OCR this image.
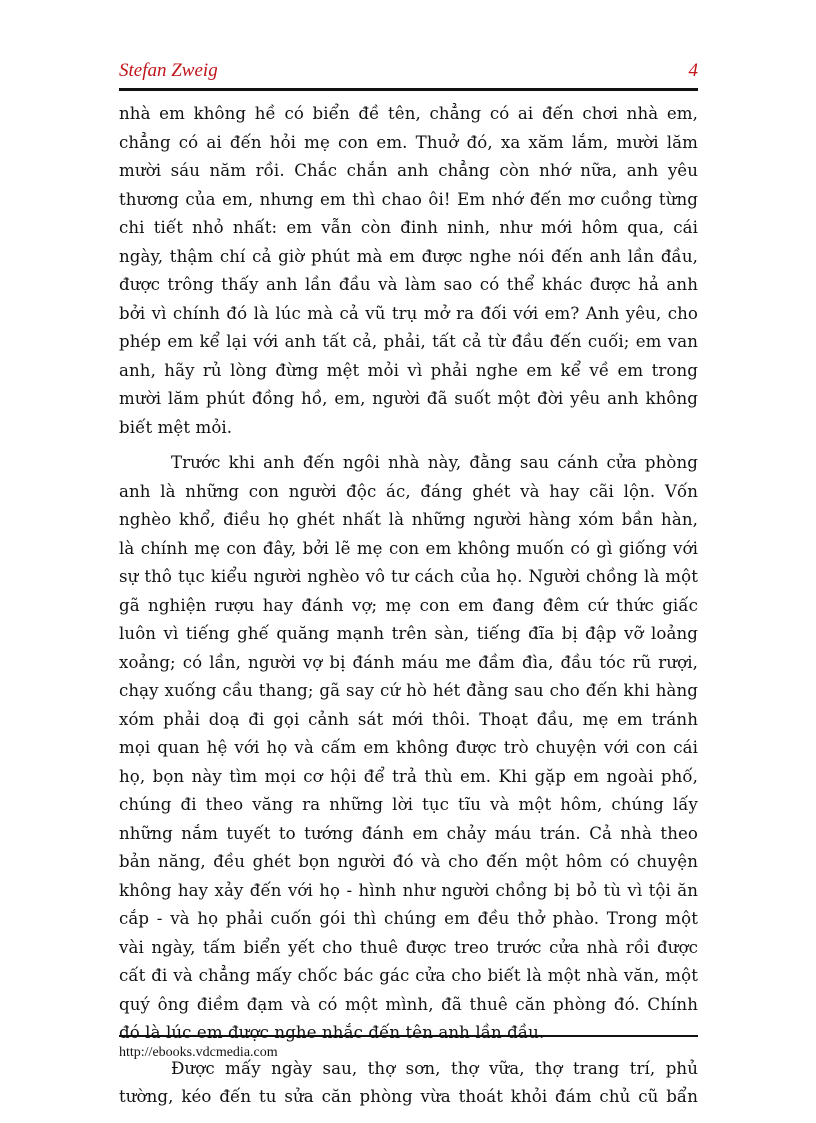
Stefan Zweig	4
nhà em không hề có biển đề tên, chẳng có ai đến chơi nhà em,
chẳng có ai đến hỏi mẹ con em. Thuở đó, xa xăm lắm, mười lăm
mười sáu năm rồi. Chắc chắn anh chẳng còn nhớ nữa, anh yêu
thương của em, nhưng em thì chao ôi! Em nhớ đến mơ cuồng từng
chi tiết nhỏ nhất: em vẫn còn đinh ninh, như mới hôm qua, cái
ngày, thậm chí cả giờ phút mà em được nghe nói đến anh lần đầu,
được trông thấy anh lần đầu và làm sao có thể khác được hả anh
bởi vì chính đó là lúc mà cả vũ trụ mở ra đối với em? Anh yêu, cho
phép em kể lại với anh tất cả, phải, tất cả từ đầu đến cuối; em van
anh, hãy rủ lòng đừng mệt mỏi vì phải nghe em kể về em trong
mười lăm phút đồng hồ, em, người đã suốt một đời yêu anh không
biết mệt mỏi.
Trước khi anh đến ngôi nhà này, đằng sau cánh cửa phòng
anh là những con người độc ác, đáng ghét và hay cãi lộn. Vốn
nghèo khổ, điều họ ghét nhất là những người hàng xóm bần hàn,
là chính mẹ con đây, bởi lẽ mẹ con em không muốn có gì giống với
sự thô tục kiểu người nghèo vô tư cách của họ. Người chồng là một
gã nghiện rượu hay đánh vợ; mẹ con em đang đêm cứ thức giấc
luôn vì tiếng ghế quăng mạnh trên sàn, tiếng đĩa bị đập vỡ loảng
xoảng; có lần, người vợ bị đánh máu me đầm đìa, đầu tóc rũ rượi,
chạy xuống cầu thang; gã say cứ hò hét đằng sau cho đến khi hàng
xóm phải doạ đi gọi cảnh sát mới thôi. Thoạt đầu, mẹ em tránh
mọi quan hệ với họ và cấm em không được trò chuyện với con cái
họ, bọn này tìm mọi cơ hội để trả thù em. Khi gặp em ngoài phố,
chúng đi theo văng ra những lời tục tĩu và một hôm, chúng lấy
những nắm tuyết to tướng đánh em chảy máu trán. Cả nhà theo
bản năng, đều ghét bọn người đó và cho đến một hôm có chuyện
không hay xảy đến với họ - hình như người chồng bị bỏ tù vì tội ăn
cắp - và họ phải cuốn gói thì chúng em đều thở phào. Trong một
vài ngày, tấm biển yết cho thuê được treo trước cửa nhà rồi được
cất đi và chẳng mấy chốc bác gác cửa cho biết là một nhà văn, một
quý ông điềm đạm và có một mình, đã thuê căn phòng đó. Chính
đó là lúc em được nghe nhắc đến tên anh lần đầu.
Được mấy ngày sau, thợ sơn, thợ vữa, thợ trang trí, phủ
tường, kéo đến tu sửa căn phòng vừa thoát khỏi đám chủ cũ bẩn
http://ebooks.vdcmedia.com
